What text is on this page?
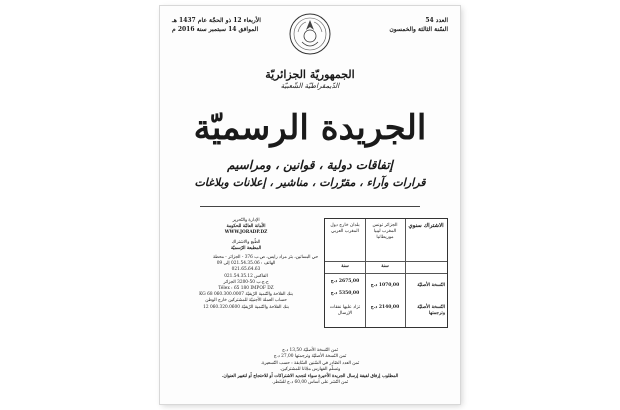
العدد 54
السّنة الثالثة والخمسون
الأربعاء 12 ذو الحجّة عام 1437 هـ
الموافق 14 سبتمبر سنة 2016 م
الجمهوريّة الجزائريّة
الدّيمقراطيّة الشّعبيّة
الجريدة الرسميّة
إتفاقات دولية ، قوانين ، ومراسيم
قرارات وآراء ، مقرّرات ، مناشير ، إعلانات وبلاغات
الاشتراك سنوي
الجزائر تونس المغرب ليبيا موريطانيا
بلدان خارج دول المغرب العربي
سنة
سنة
النّسخة الأصليّة
النّسخة الأصليّة وترجمتها
1070,00 د.ج
2140,00 د.ج
2675,00 د.ج
5350,00 د.ج
تزاد عليها نفقات الإرسال
الإدارة والتّحرير
الأمانة العامّة للحكومة
WWW.JORADP.DZ
الطّبع والاشتراك
المطبعة الرّسميّة
حي البساتين، بئر مراد رايس، ص.ب 376 - الجزائر - محطة
الهاتف : 021.54.35.06 إلى 09
021.65.64.63
الفاكس 021.54.35.12
ح.ج.ب 50-3200 الجزائر
Télex : 65 180 IMPOF DZ
بنك الفلاحة والتّنمية الرّيفيّة 060.300.0007 68 KG
حساب العملة الأجنبيّة للمشتركين خارج الوطن
بنك الفلاحة والتّنمية الرّيفيّة 060.320.0600 12
ثمن النّسخة الأصليّة 13,50 د.ج
ثمن النّسخة الأصليّة وترجمتها 27,00 د.ج
ثمن العدد الصّادر في السّنين السّابقة : حسب التّسعيرة.
وتسلّم الفهارس مجّانا للمشتركين.
المطلوب إرفاق لفيفة إرسال الجريدة الأخيرة سواء لتجديد الاشتراكات أو للاحتجاج أو لتغيير العنوان.
ثمن النّشر على أساس 60,00 د.ج للسّطر.
